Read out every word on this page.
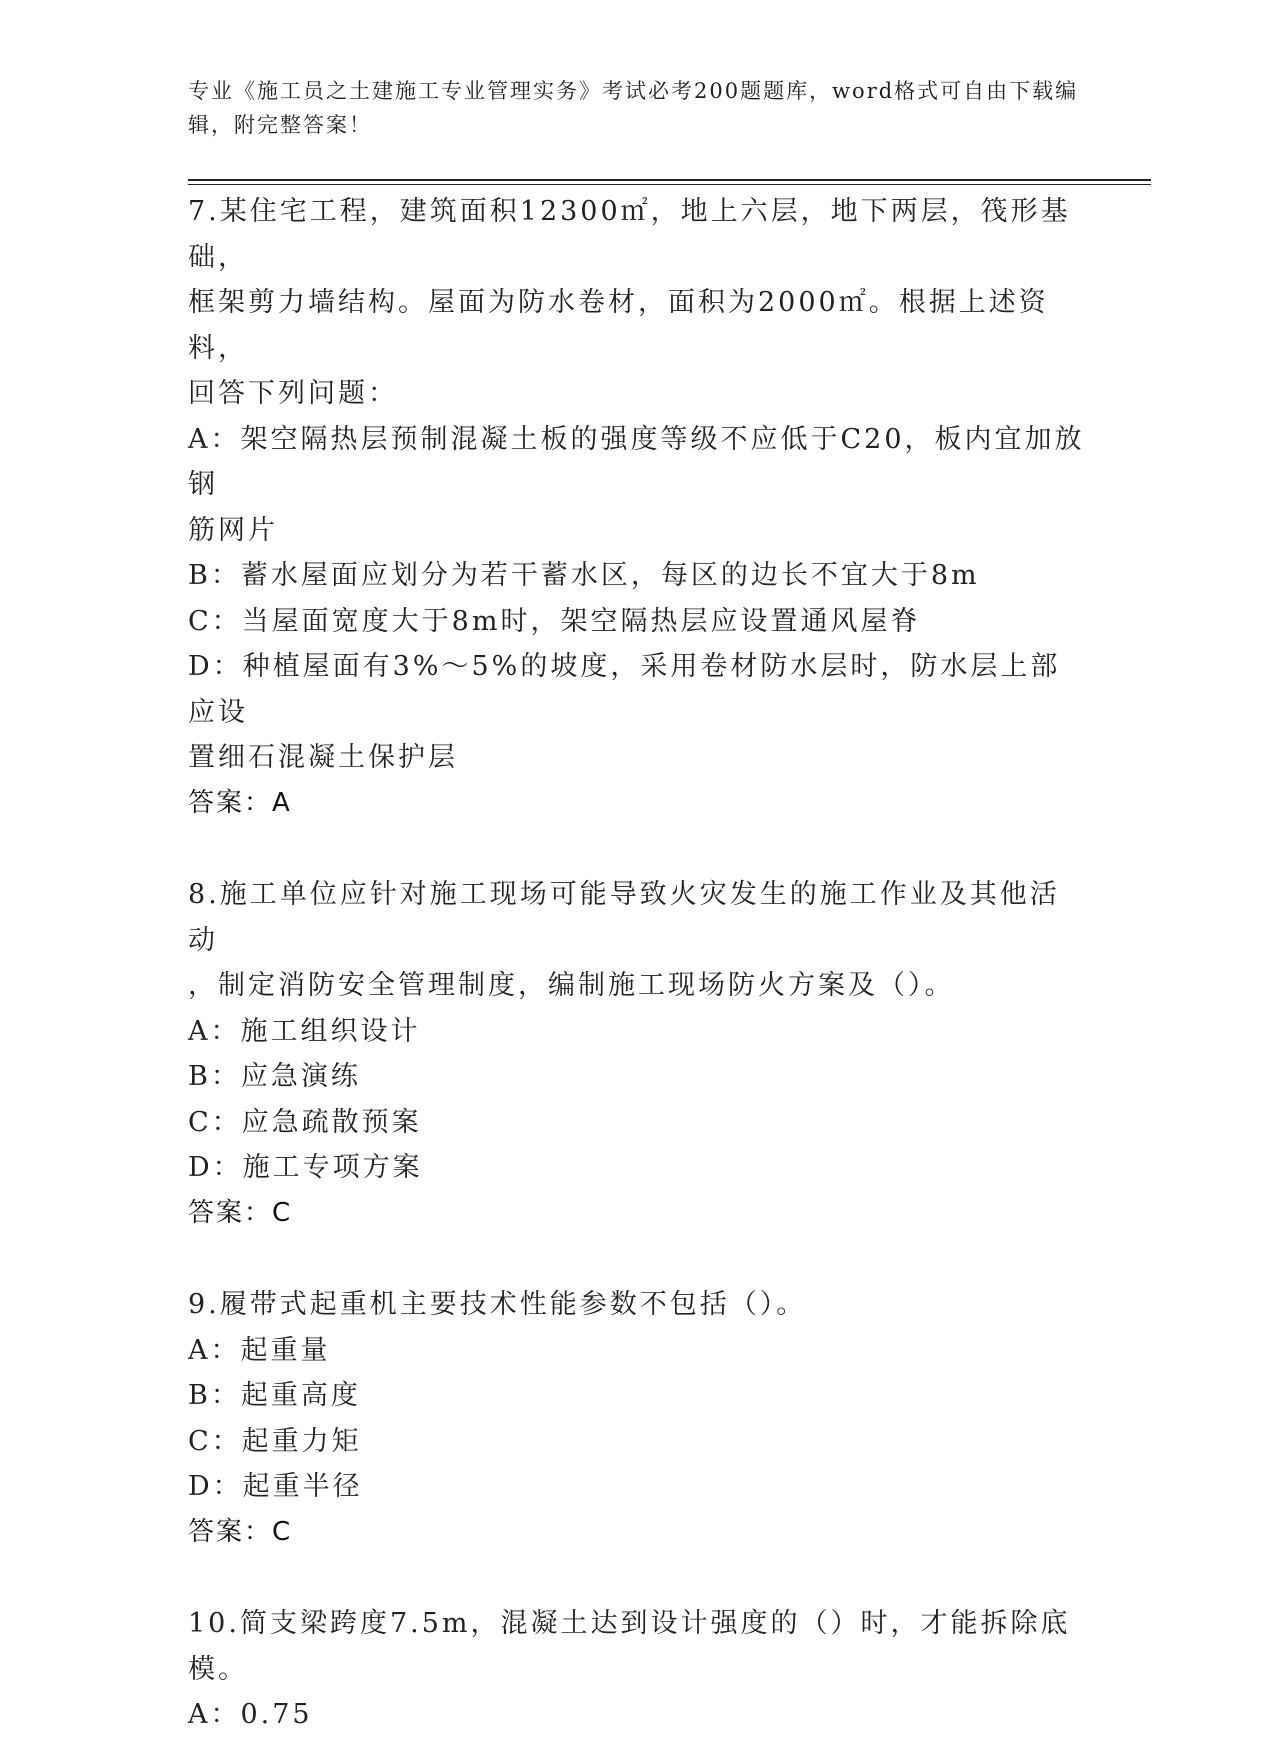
专业《施工员之土建施工专业管理实务》考试必考200题题库，word格式可自由下载编辑，附完整答案！
7.某住宅工程，建筑面积12300㎡，地上六层，地下两层，筏形基础，
框架剪力墙结构。屋面为防水卷材，面积为2000㎡。根据上述资料，
回答下列问题：
A：架空隔热层预制混凝土板的强度等级不应低于C20，板内宜加放钢
筋网片
B：蓄水屋面应划分为若干蓄水区，每区的边长不宜大于8m
C：当屋面宽度大于8m时，架空隔热层应设置通风屋脊
D：种植屋面有3%～5%的坡度，采用卷材防水层时，防水层上部应设
置细石混凝土保护层
答案：A
8.施工单位应针对施工现场可能导致火灾发生的施工作业及其他活动
，制定消防安全管理制度，编制施工现场防火方案及（）。
A：施工组织设计
B：应急演练
C：应急疏散预案
D：施工专项方案
答案：C
9.履带式起重机主要技术性能参数不包括（）。
A：起重量
B：起重高度
C：起重力矩
D：起重半径
答案：C
10.简支梁跨度7.5m，混凝土达到设计强度的（）时，才能拆除底模。
A：0.75
